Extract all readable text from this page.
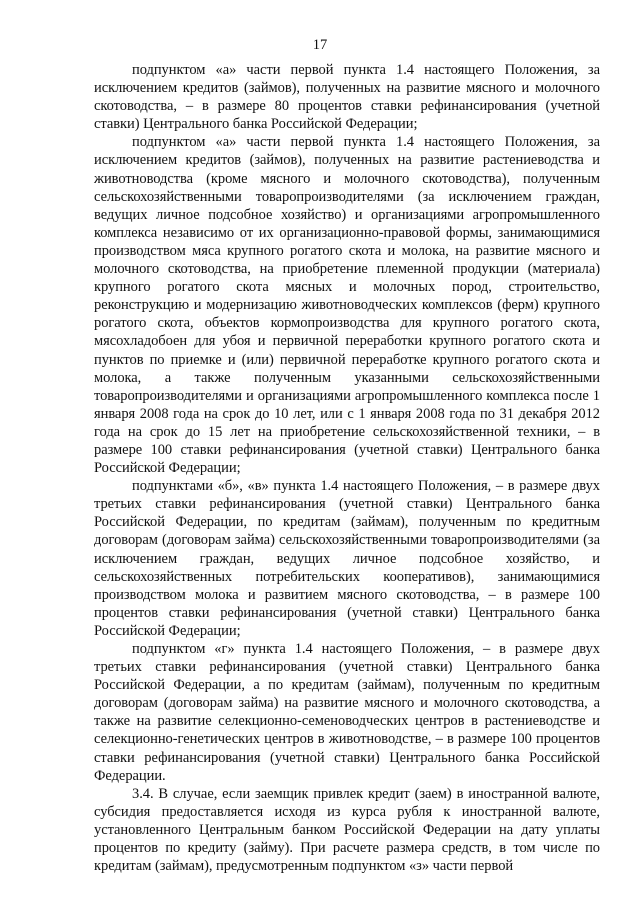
17

подпунктом «а» части первой пункта 1.4 настоящего Положения, за исключением кредитов (займов), полученных на развитие мясного и молочного скотоводства, – в размере 80 процентов ставки рефинансирования (учетной ставки) Центрального банка Российской Федерации;

подпунктом «а» части первой пункта 1.4 настоящего Положения, за исключением кредитов (займов), полученных на развитие растениеводства и животноводства (кроме мясного и молочного скотоводства), полученным сельскохозяйственными товаропроизводителями (за исключением граждан, ведущих личное подсобное хозяйство) и организациями агропромышленного комплекса независимо от их организационно-правовой формы, занимающимися производством мяса крупного рогатого скота и молока, на развитие мясного и молочного скотоводства, на приобретение племенной продукции (материала) крупного рогатого скота мясных и молочных пород, строительство, реконструкцию и модернизацию животноводческих комплексов (ферм) крупного рогатого скота, объектов кормопроизводства для крупного рогатого скота, мясохладобоен для убоя и первичной переработки крупного рогатого скота и пунктов по приемке и (или) первичной переработке крупного рогатого скота и молока, а также полученным указанными сельскохозяйственными товаропроизводителями и организациями агропромышленного комплекса после 1 января 2008 года на срок до 10 лет, или с 1 января 2008 года по 31 декабря 2012 года на срок до 15 лет на приобретение сельскохозяйственной техники, – в размере 100 ставки рефинансирования (учетной ставки) Центрального банка Российской Федерации;

подпунктами «б», «в» пункта 1.4 настоящего Положения, – в размере двух третьих ставки рефинансирования (учетной ставки) Центрального банка Российской Федерации, по кредитам (займам), полученным по кредитным договорам (договорам займа) сельскохозяйственными товаропроизводителями (за исключением граждан, ведущих личное подсобное хозяйство, и сельскохозяйственных потребительских кооперативов), занимающимися производством молока и развитием мясного скотоводства, – в размере 100 процентов ставки рефинансирования (учетной ставки) Центрального банка Российской Федерации;

подпунктом «г» пункта 1.4 настоящего Положения, – в размере двух третьих ставки рефинансирования (учетной ставки) Центрального банка Российской Федерации, а по кредитам (займам), полученным по кредитным договорам (договорам займа) на развитие мясного и молочного скотоводства, а также на развитие селекционно-семеноводческих центров в растениеводстве и селекционно-генетических центров в животноводстве, – в размере 100 процентов ставки рефинансирования (учетной ставки) Центрального банка Российской Федерации.

3.4. В случае, если заемщик привлек кредит (заем) в иностранной валюте, субсидия предоставляется исходя из курса рубля к иностранной валюте, установленного Центральным банком Российской Федерации на дату уплаты процентов по кредиту (займу). При расчете размера средств, в том числе по кредитам (займам), предусмотренным подпунктом «з» части первой
